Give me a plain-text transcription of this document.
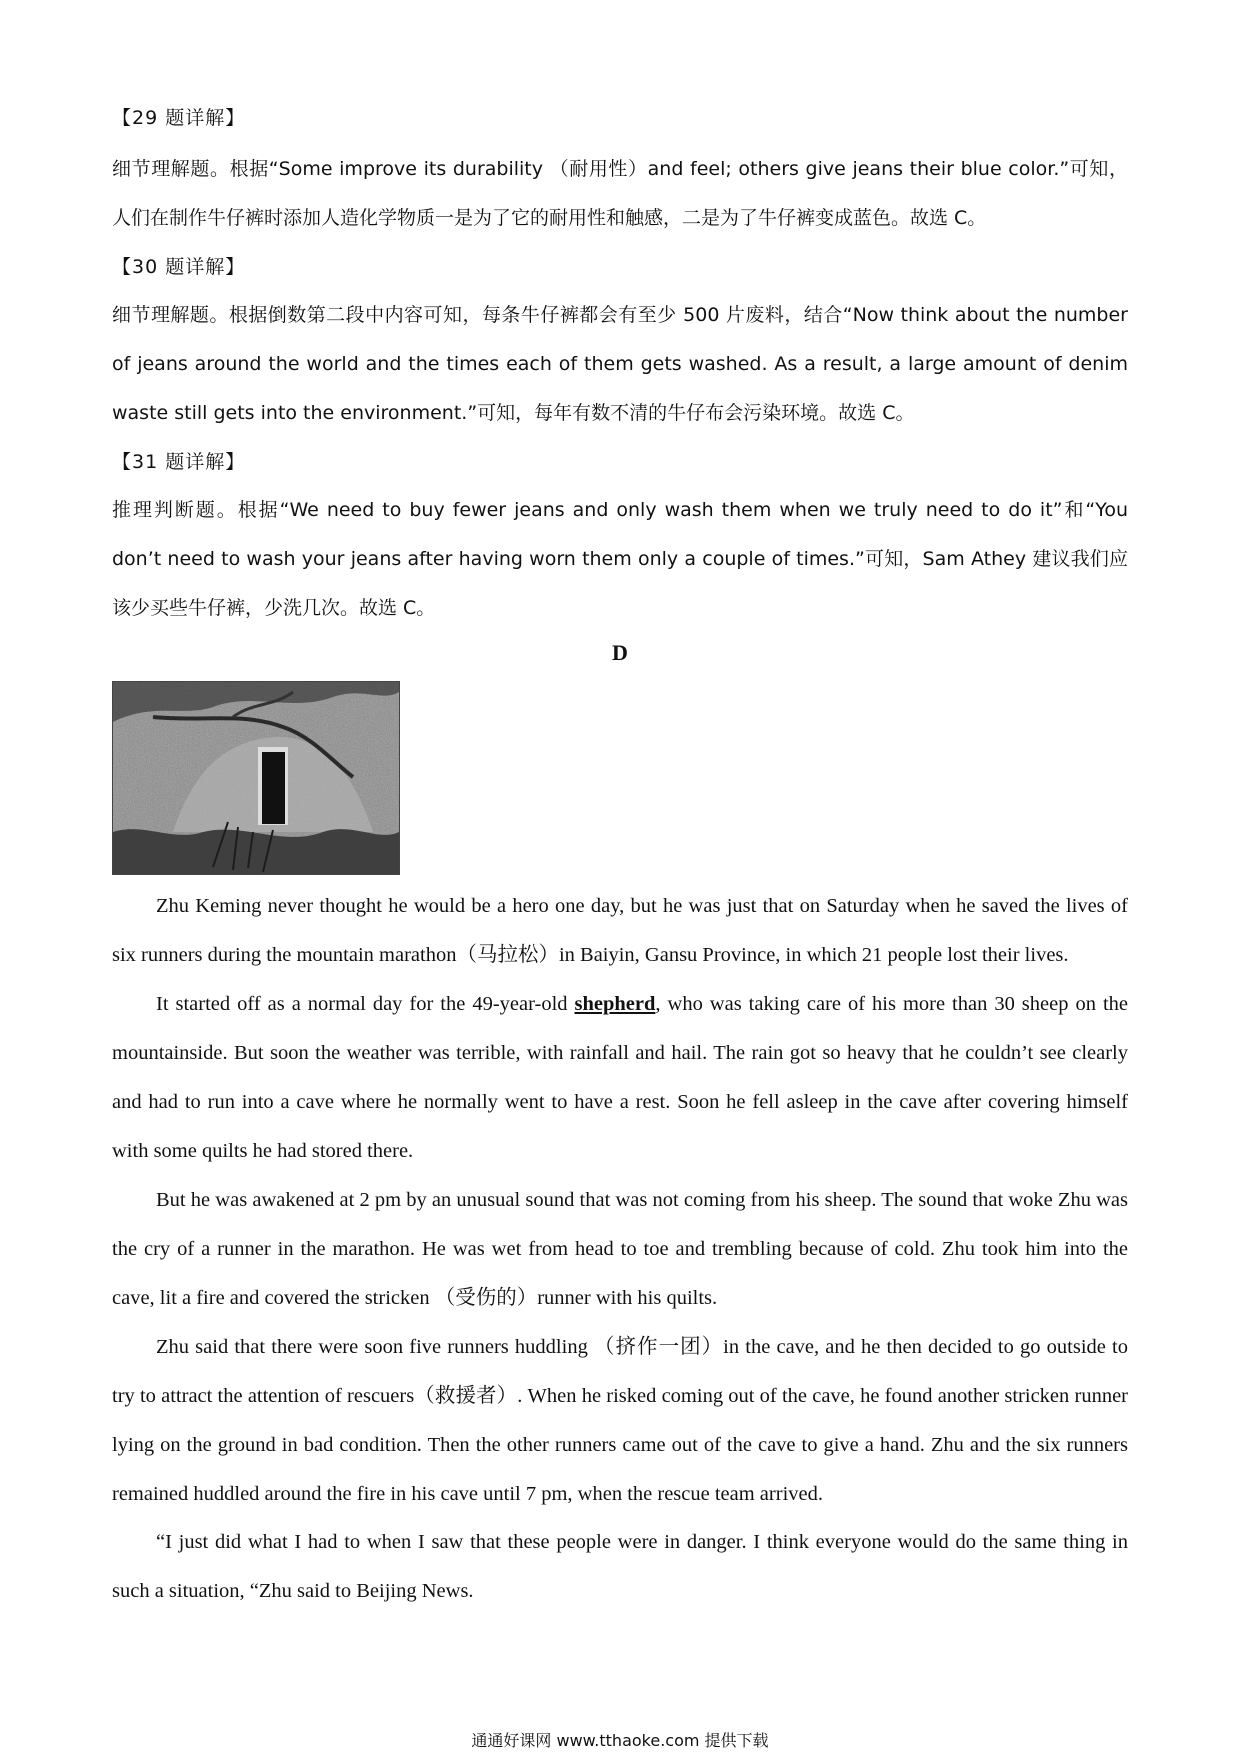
【29 题详解】
细节理解题。根据“Some improve its durability （耐用性）and feel; others give jeans their blue color.”可知，人们在制作牛仔裤时添加人造化学物质一是为了它的耐用性和触感，二是为了牛仔裤变成蓝色。故选 C。
【30 题详解】
细节理解题。根据倒数第二段中内容可知，每条牛仔裤都会有至少 500 片废料，结合“Now think about the number of jeans around the world and the times each of them gets washed. As a result, a large amount of denim waste still gets into the environment.”可知，每年有数不清的牛仔布会污染环境。故选 C。
【31 题详解】
推理判断题。根据“We need to buy fewer jeans and only wash them when we truly need to do it”和“You don’t need to wash your jeans after having worn them only a couple of times.”可知，Sam Athey 建议我们应该少买些牛仔裤，少洗几次。故选 C。
D
Zhu Keming never thought he would be a hero one day, but he was just that on Saturday when he saved the lives of six runners during the mountain marathon（马拉松）in Baiyin, Gansu Province, in which 21 people lost their lives.
It started off as a normal day for the 49-year-old shepherd, who was taking care of his more than 30 sheep on the mountainside. But soon the weather was terrible, with rainfall and hail. The rain got so heavy that he couldn’t see clearly and had to run into a cave where he normally went to have a rest. Soon he fell asleep in the cave after covering himself with some quilts he had stored there.
But he was awakened at 2 pm by an unusual sound that was not coming from his sheep. The sound that woke Zhu was the cry of a runner in the marathon. He was wet from head to toe and trembling because of cold. Zhu took him into the cave, lit a fire and covered the stricken （受伤的）runner with his quilts.
Zhu said that there were soon five runners huddling （挤作一团）in the cave, and he then decided to go outside to try to attract the attention of rescuers（救援者）. When he risked coming out of the cave, he found another stricken runner lying on the ground in bad condition. Then the other runners came out of the cave to give a hand. Zhu and the six runners remained huddled around the fire in his cave until 7 pm, when the rescue team arrived.
“I just did what I had to when I saw that these people were in danger. I think everyone would do the same thing in such a situation, “Zhu said to Beijing News.
通通好课网 www.tthaoke.com 提供下载
